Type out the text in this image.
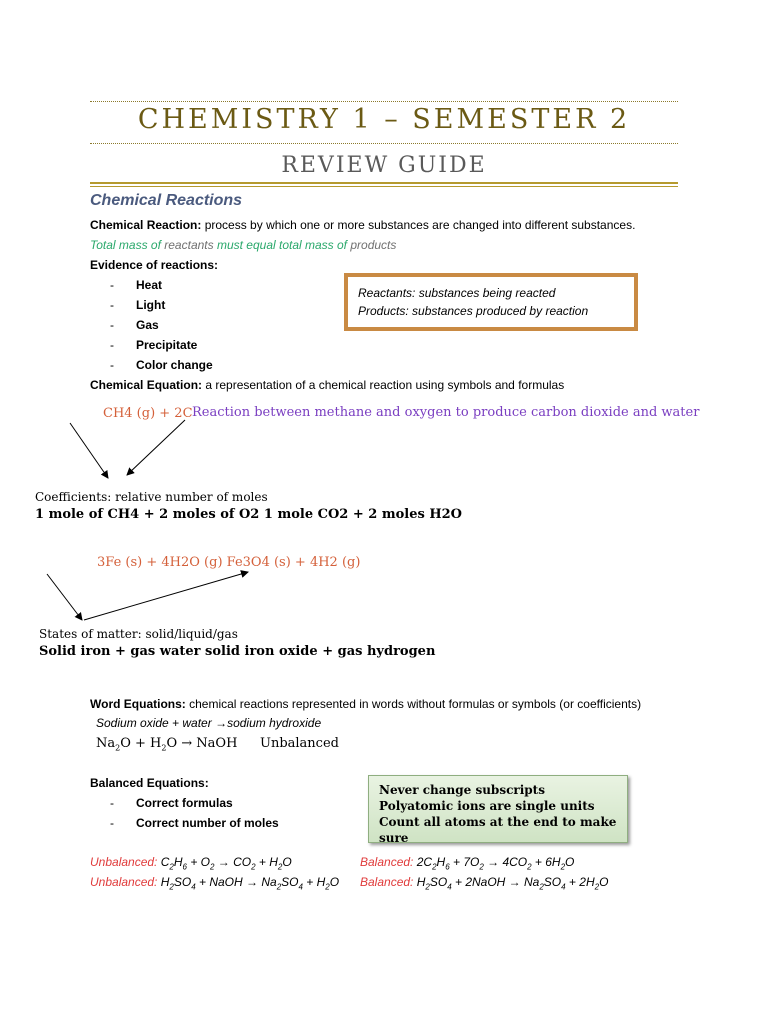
CHEMISTRY 1 – SEMESTER 2
REVIEW GUIDE
Chemical Reactions
Chemical Reaction: process by which one or more substances are changed into different substances.
Total mass of reactants must equal total mass of products
Evidence of reactions:
- Heat
- Light
- Gas
- Precipitate
- Color change
Reactants: substances being reacted
Products: substances produced by reaction
Chemical Equation: a representation of a chemical reaction using symbols and formulas
CH4 (g) + 2C Reaction between methane and oxygen to produce carbon dioxide and water
Coefficients: relative number of moles
1 mole of CH4 + 2 moles of O2 1 mole CO2 + 2 moles H2O
3Fe (s) + 4H2O (g) Fe3O4 (s) + 4H2 (g)
States of matter: solid/liquid/gas
Solid iron + gas water solid iron oxide + gas hydrogen
Word Equations: chemical reactions represented in words without formulas or symbols (or coefficients)
Sodium oxide + water →sodium hydroxide
$Na_2O + H_2O$ → NaOH Unbalanced
Balanced Equations:
- Correct formulas
- Correct number of moles
Never change subscripts
Polyatomic ions are single units
Count all atoms at the end to make sure
Unbalanced: $C_2H_6 + O_2 \to CO_2 + H_2O$	Balanced: $2C_2H_6 + 7O_2 \to 4CO_2 + 6H_2O$
Unbalanced: $H_2SO_4$ + NaOH → $Na_2SO_4 + H_2O$ Balanced: $H_2SO_4$ + 2NaOH → $Na_2SO_4 + 2H_2O$
